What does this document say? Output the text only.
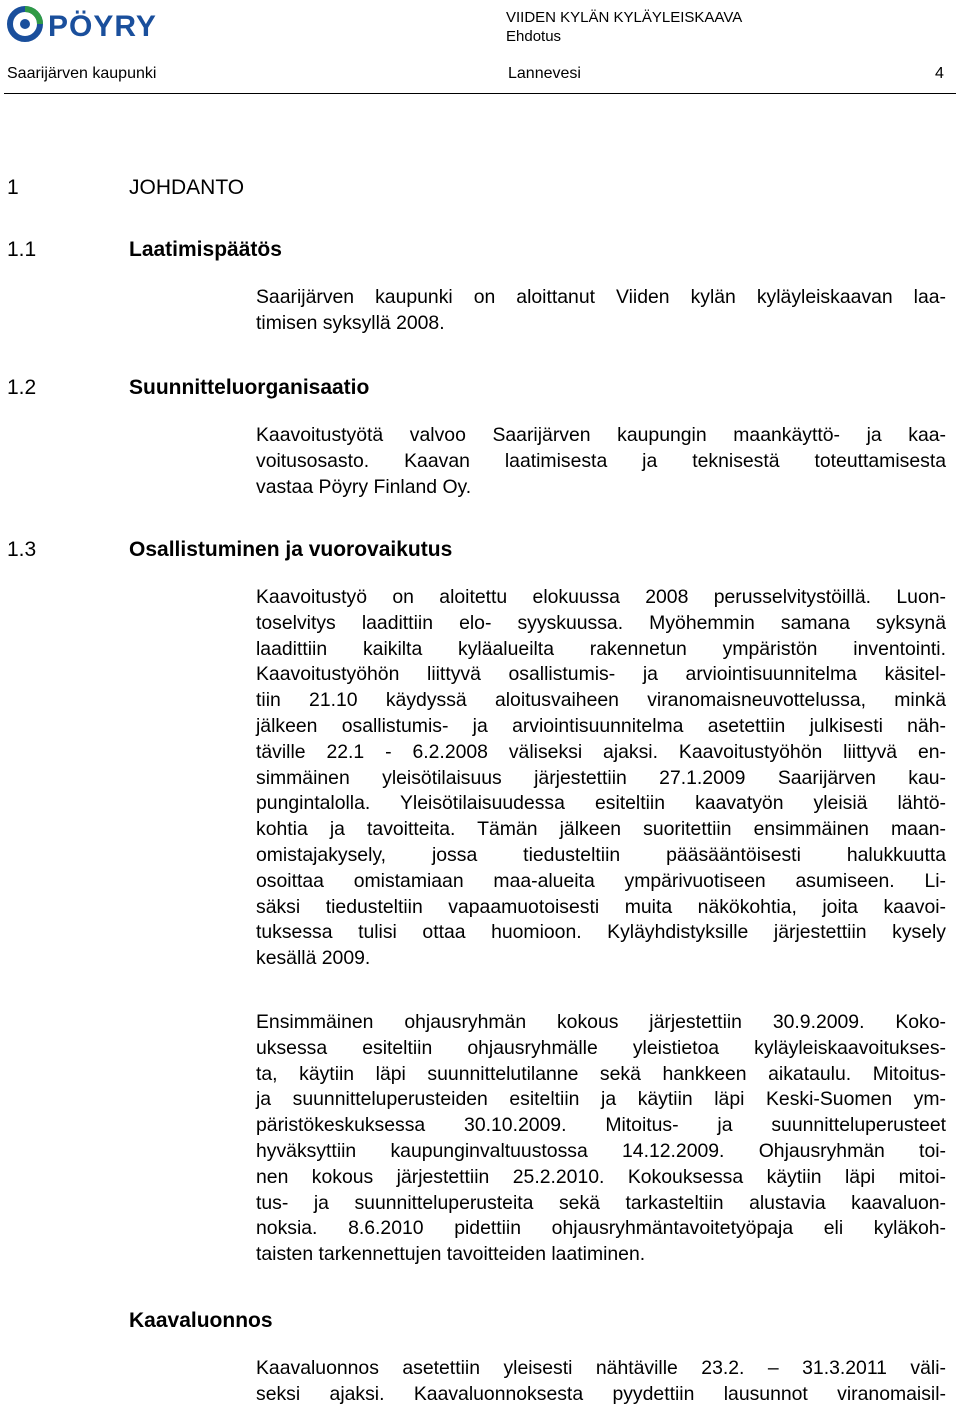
PÖYRY	VIIDEN KYLÄN KYLÄYLEISKAAVA
Ehdotus
Saarijärven kaupunki	Lannevesi	4
1	JOHDANTO
1.1	Laatimispäätös
Saarijärven kaupunki on aloittanut Viiden kylän kyläyleiskaavan laa-
timisen syksyllä 2008.
1.2	Suunnitteluorganisaatio
Kaavoitustyötä valvoo Saarijärven kaupungin maankäyttö- ja kaa-
voitusosasto. Kaavan laatimisesta ja teknisestä toteuttamisesta
vastaa Pöyry Finland Oy.
1.3	Osallistuminen ja vuorovaikutus
Kaavoitustyö on aloitettu elokuussa 2008 perusselvitystöillä. Luon-
toselvitys laadittiin elo- syyskuussa. Myöhemmin samana syksynä
laadittiin kaikilta kyläalueilta rakennetun ympäristön inventointi.
Kaavoitustyöhön liittyvä osallistumis- ja arviointisuunnitelma käsitel-
tiin 21.10 käydyssä aloitusvaiheen viranomaisneuvottelussa, minkä
jälkeen osallistumis- ja arviointisuunnitelma asetettiin julkisesti näh-
täville 22.1 - 6.2.2008 väliseksi ajaksi. Kaavoitustyöhön liittyvä en-
simmäinen yleisötilaisuus järjestettiin 27.1.2009 Saarijärven kau-
pungintalolla. Yleisötilaisuudessa esiteltiin kaavatyön yleisiä lähtö-
kohtia ja tavoitteita. Tämän jälkeen suoritettiin ensimmäinen maan-
omistajakysely, jossa tiedusteltiin pääsääntöisesti halukkuutta
osoittaa omistamiaan maa-alueita ympärivuotiseen asumiseen. Li-
säksi tiedusteltiin vapaamuotoisesti muita näkökohtia, joita kaavoi-
tuksessa tulisi ottaa huomioon. Kyläyhdistyksille järjestettiin kysely
kesällä 2009.
Ensimmäinen ohjausryhmän kokous järjestettiin 30.9.2009. Koko-
uksessa esiteltiin ohjausryhmälle yleistietoa kyläyleiskaavoitukses-
ta, käytiin läpi suunnittelutilanne sekä hankkeen aikataulu. Mitoitus-
ja suunnitteluperusteiden esiteltiin ja käytiin läpi Keski-Suomen ym-
päristökeskuksessa 30.10.2009. Mitoitus- ja suunnitteluperusteet
hyväksyttiin kaupunginvaltuustossa 14.12.2009. Ohjausryhmän toi-
nen kokous järjestettiin 25.2.2010. Kokouksessa käytiin läpi mitoi-
tus- ja suunnitteluperusteita sekä tarkasteltiin alustavia kaavaluon-
noksia. 8.6.2010 pidettiin ohjausryhmäntavoitetyöpaja eli kyläkoh-
taisten tarkennettujen tavoitteiden laatiminen.
Kaavaluonnos
Kaavaluonnos asetettiin yleisesti nähtäville 23.2. – 31.3.2011 väli-
seksi ajaksi. Kaavaluonnoksesta pyydettiin lausunnot viranomaisil-
